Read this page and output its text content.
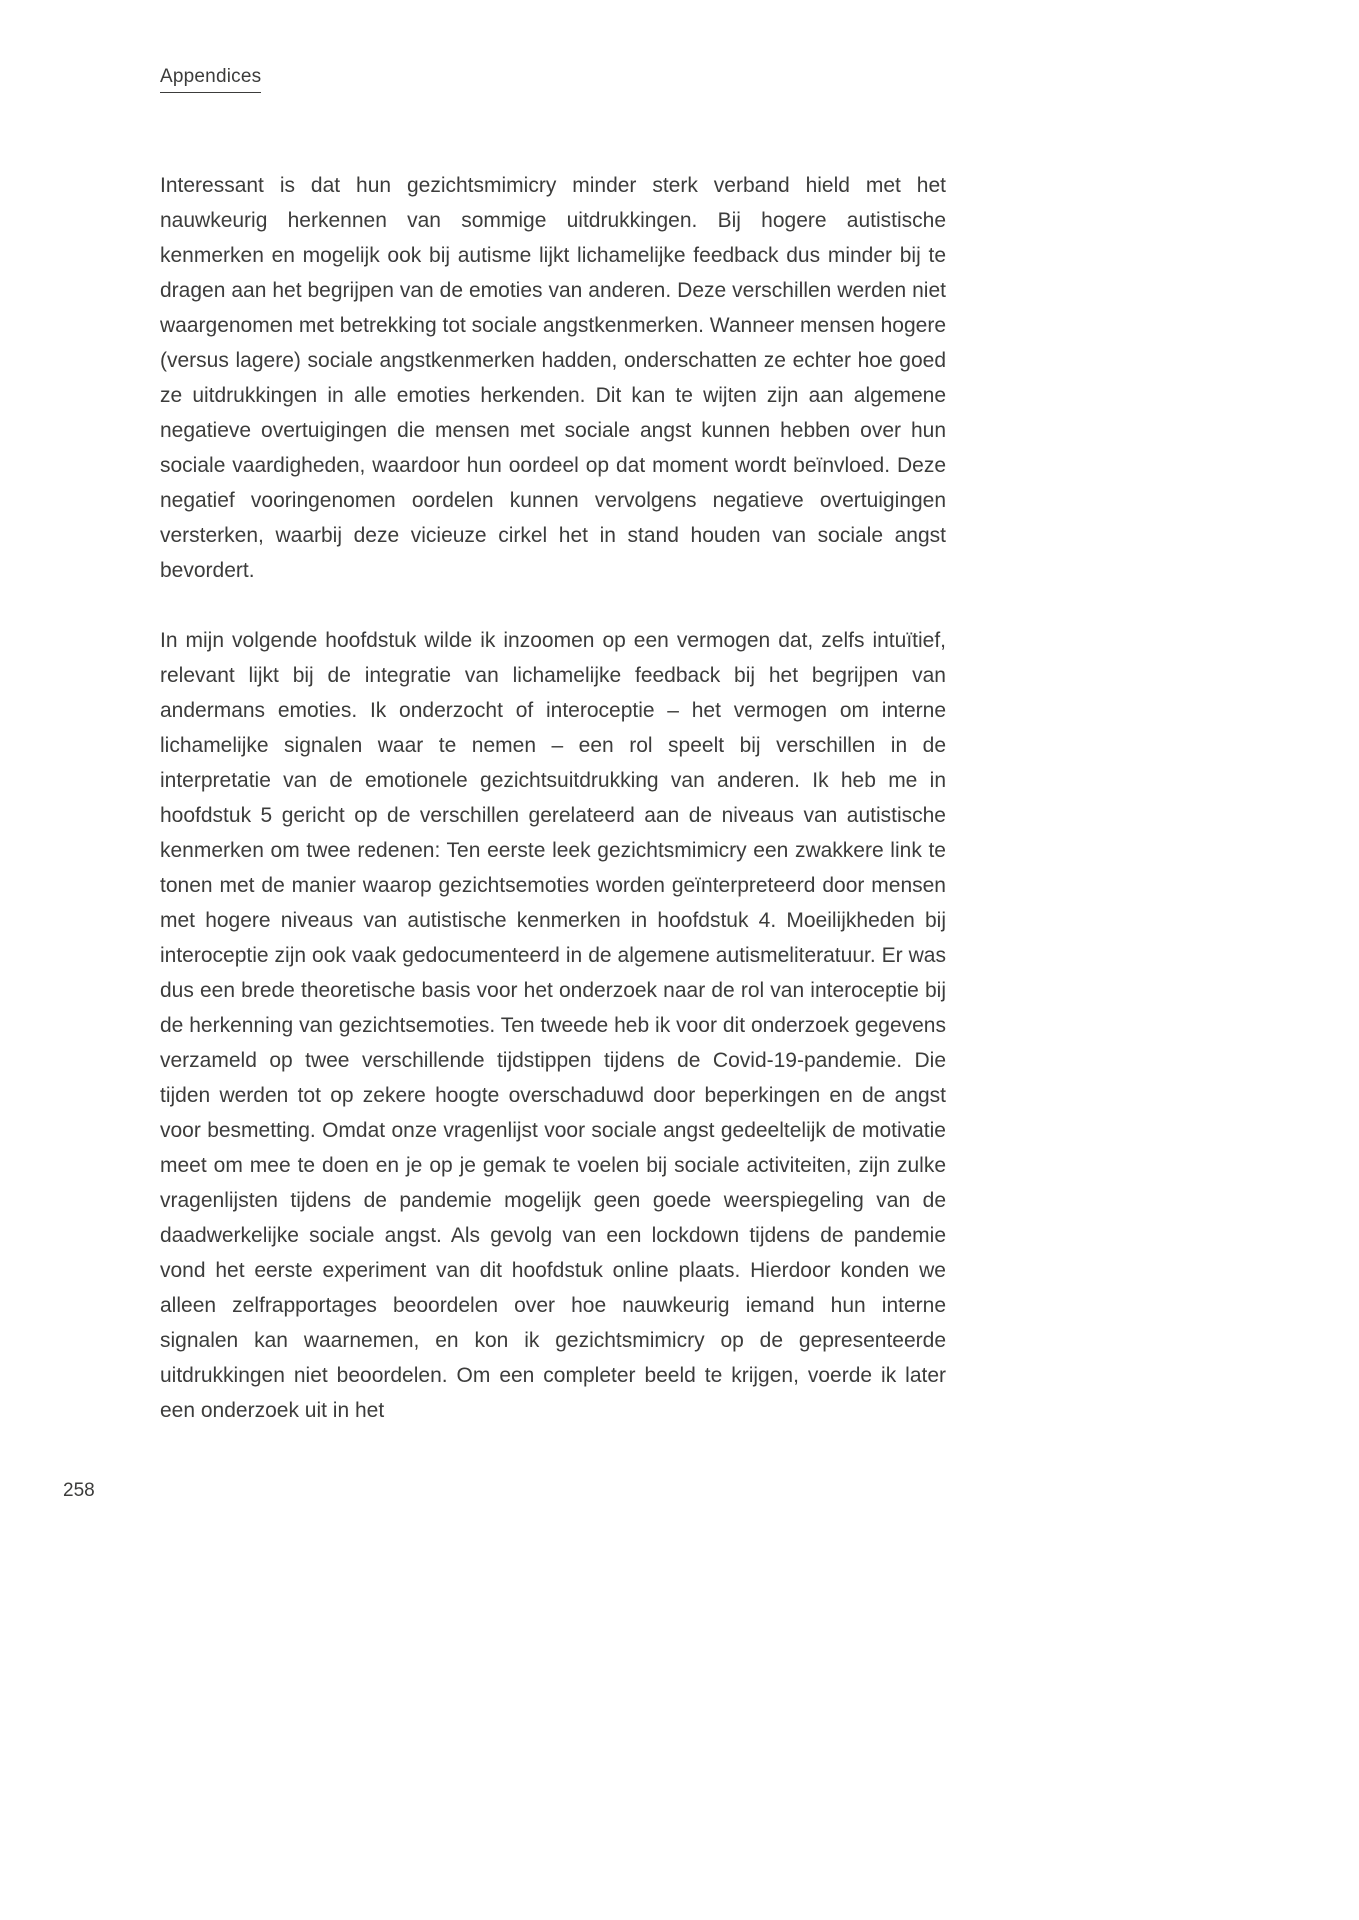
Appendices

Interessant is dat hun gezichtsmimicry minder sterk verband hield met het nauwkeurig herkennen van sommige uitdrukkingen. Bij hogere autistische kenmerken en mogelijk ook bij autisme lijkt lichamelijke feedback dus minder bij te dragen aan het begrijpen van de emoties van anderen. Deze verschillen werden niet waargenomen met betrekking tot sociale angstkenmerken. Wanneer mensen hogere (versus lagere) sociale angstkenmerken hadden, onderschatten ze echter hoe goed ze uitdrukkingen in alle emoties herkenden. Dit kan te wijten zijn aan algemene negatieve overtuigingen die mensen met sociale angst kunnen hebben over hun sociale vaardigheden, waardoor hun oordeel op dat moment wordt beïnvloed. Deze negatief vooringenomen oordelen kunnen vervolgens negatieve overtuigingen versterken, waarbij deze vicieuze cirkel het in stand houden van sociale angst bevordert.

In mijn volgende hoofdstuk wilde ik inzoomen op een vermogen dat, zelfs intuïtief, relevant lijkt bij de integratie van lichamelijke feedback bij het begrijpen van andermans emoties. Ik onderzocht of interoceptie – het vermogen om interne lichamelijke signalen waar te nemen – een rol speelt bij verschillen in de interpretatie van de emotionele gezichtsuitdrukking van anderen. Ik heb me in hoofdstuk 5 gericht op de verschillen gerelateerd aan de niveaus van autistische kenmerken om twee redenen: Ten eerste leek gezichtsmimicry een zwakkere link te tonen met de manier waarop gezichtsemoties worden geïnterpreteerd door mensen met hogere niveaus van autistische kenmerken in hoofdstuk 4. Moeilijkheden bij interoceptie zijn ook vaak gedocumenteerd in de algemene autismeliteratuur. Er was dus een brede theoretische basis voor het onderzoek naar de rol van interoceptie bij de herkenning van gezichtsemoties. Ten tweede heb ik voor dit onderzoek gegevens verzameld op twee verschillende tijdstippen tijdens de Covid-19-pandemie. Die tijden werden tot op zekere hoogte overschaduwd door beperkingen en de angst voor besmetting. Omdat onze vragenlijst voor sociale angst gedeeltelijk de motivatie meet om mee te doen en je op je gemak te voelen bij sociale activiteiten, zijn zulke vragenlijsten tijdens de pandemie mogelijk geen goede weerspiegeling van de daadwerkelijke sociale angst. Als gevolg van een lockdown tijdens de pandemie vond het eerste experiment van dit hoofdstuk online plaats. Hierdoor konden we alleen zelfrapportages beoordelen over hoe nauwkeurig iemand hun interne signalen kan waarnemen, en kon ik gezichtsmimicry op de gepresenteerde uitdrukkingen niet beoordelen. Om een completer beeld te krijgen, voerde ik later een onderzoek uit in het

258
